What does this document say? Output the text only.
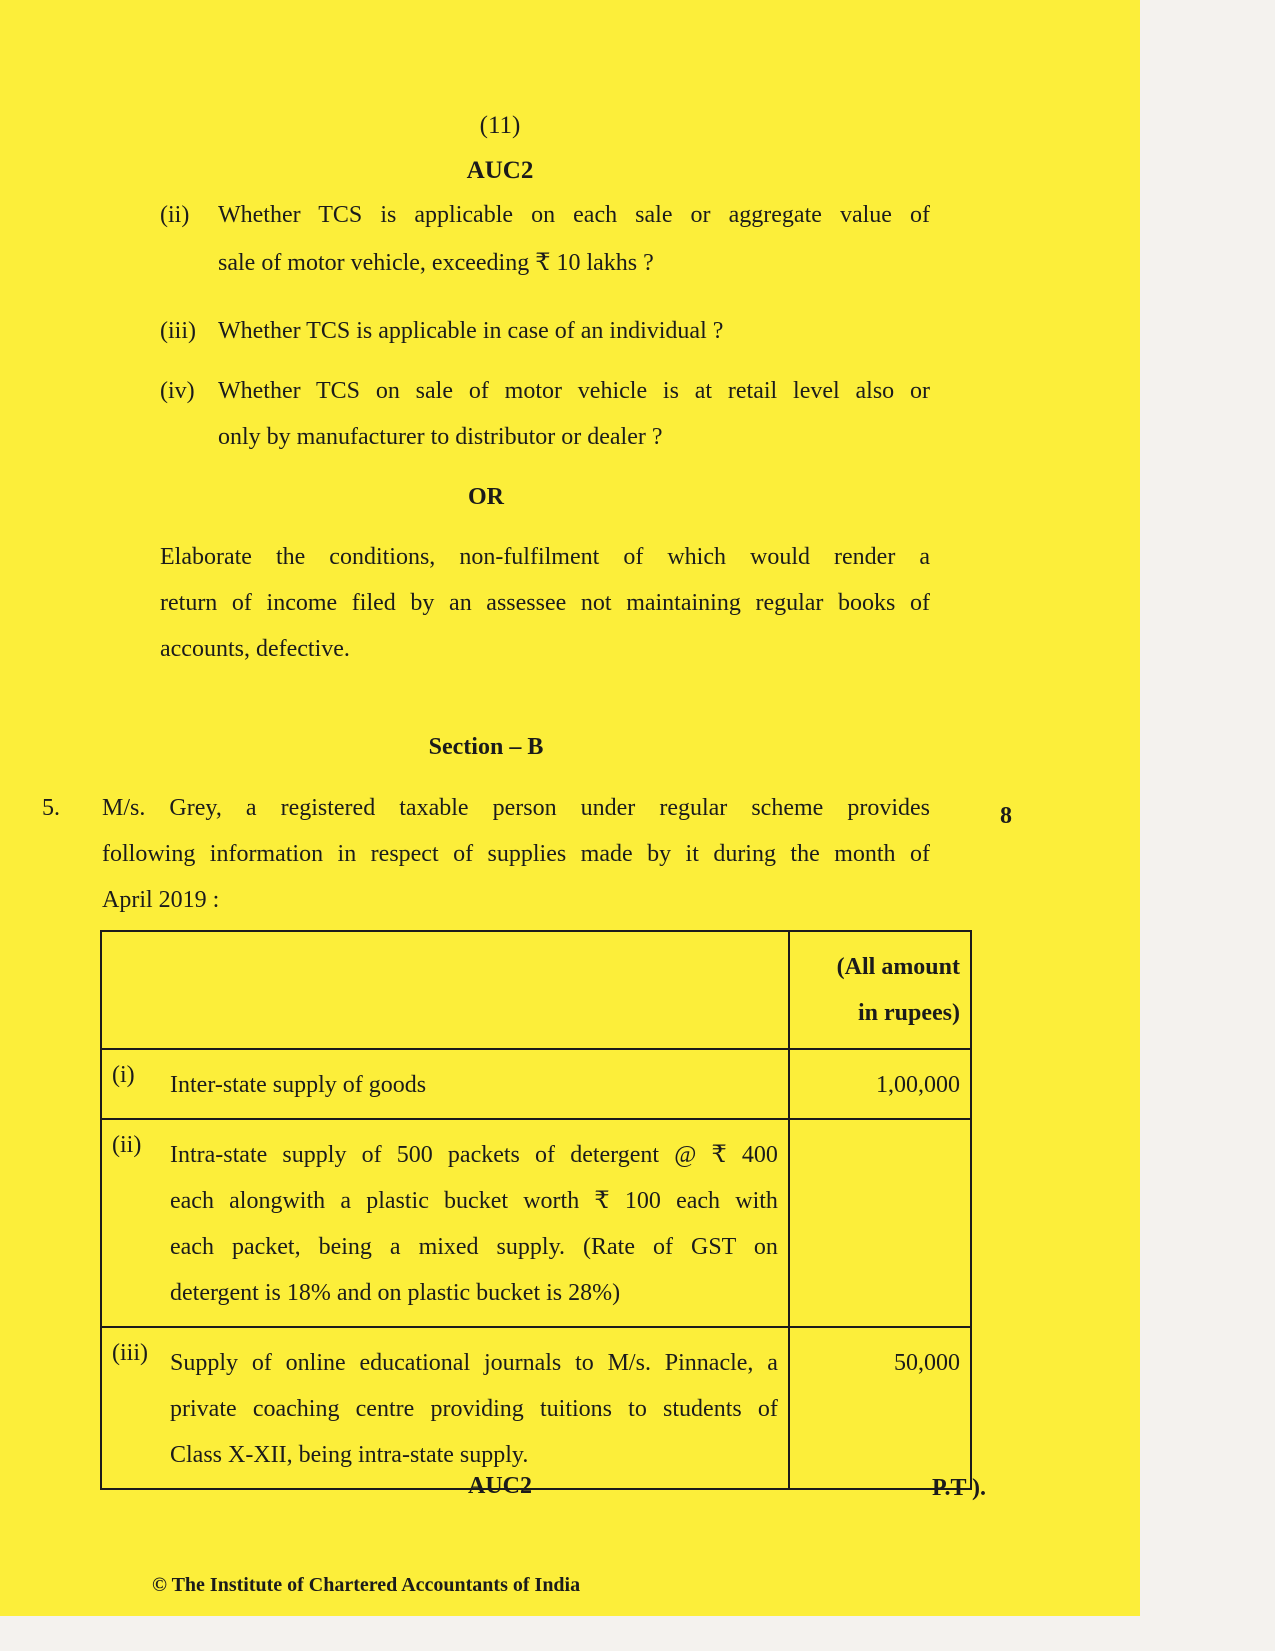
(11)
AUC2
(ii) Whether TCS is applicable on each sale or aggregate value of
sale of motor vehicle, exceeding ₹ 10 lakhs ?
(iii) Whether TCS is applicable in case of an individual ?
(iv) Whether TCS on sale of motor vehicle is at retail level also or
only by manufacturer to distributor or dealer ?
OR
Elaborate the conditions, non-fulfilment of which would render a
return of income filed by an assessee not maintaining regular books of
accounts, defective.
Section – B
5.	8
M/s. Grey, a registered taxable person under regular scheme provides
following information in respect of supplies made by it during the month of
April 2019 :

	(All amount
in rupees)

(i) Inter-state supply of goods	1,00,000

(ii) Intra-state supply of 500 packets of detergent @ ₹ 400
each alongwith a plastic bucket worth ₹ 100 each with
each packet, being a mixed supply. (Rate of GST on
detergent is 18% and on plastic bucket is 28%)	

(iii) Supply of online educational journals to M/s. Pinnacle, a
private coaching centre providing tuitions to students of
Class X-XII, being intra-state supply.	50,000
AUC2	P.T ).
© The Institute of Chartered Accountants of India
